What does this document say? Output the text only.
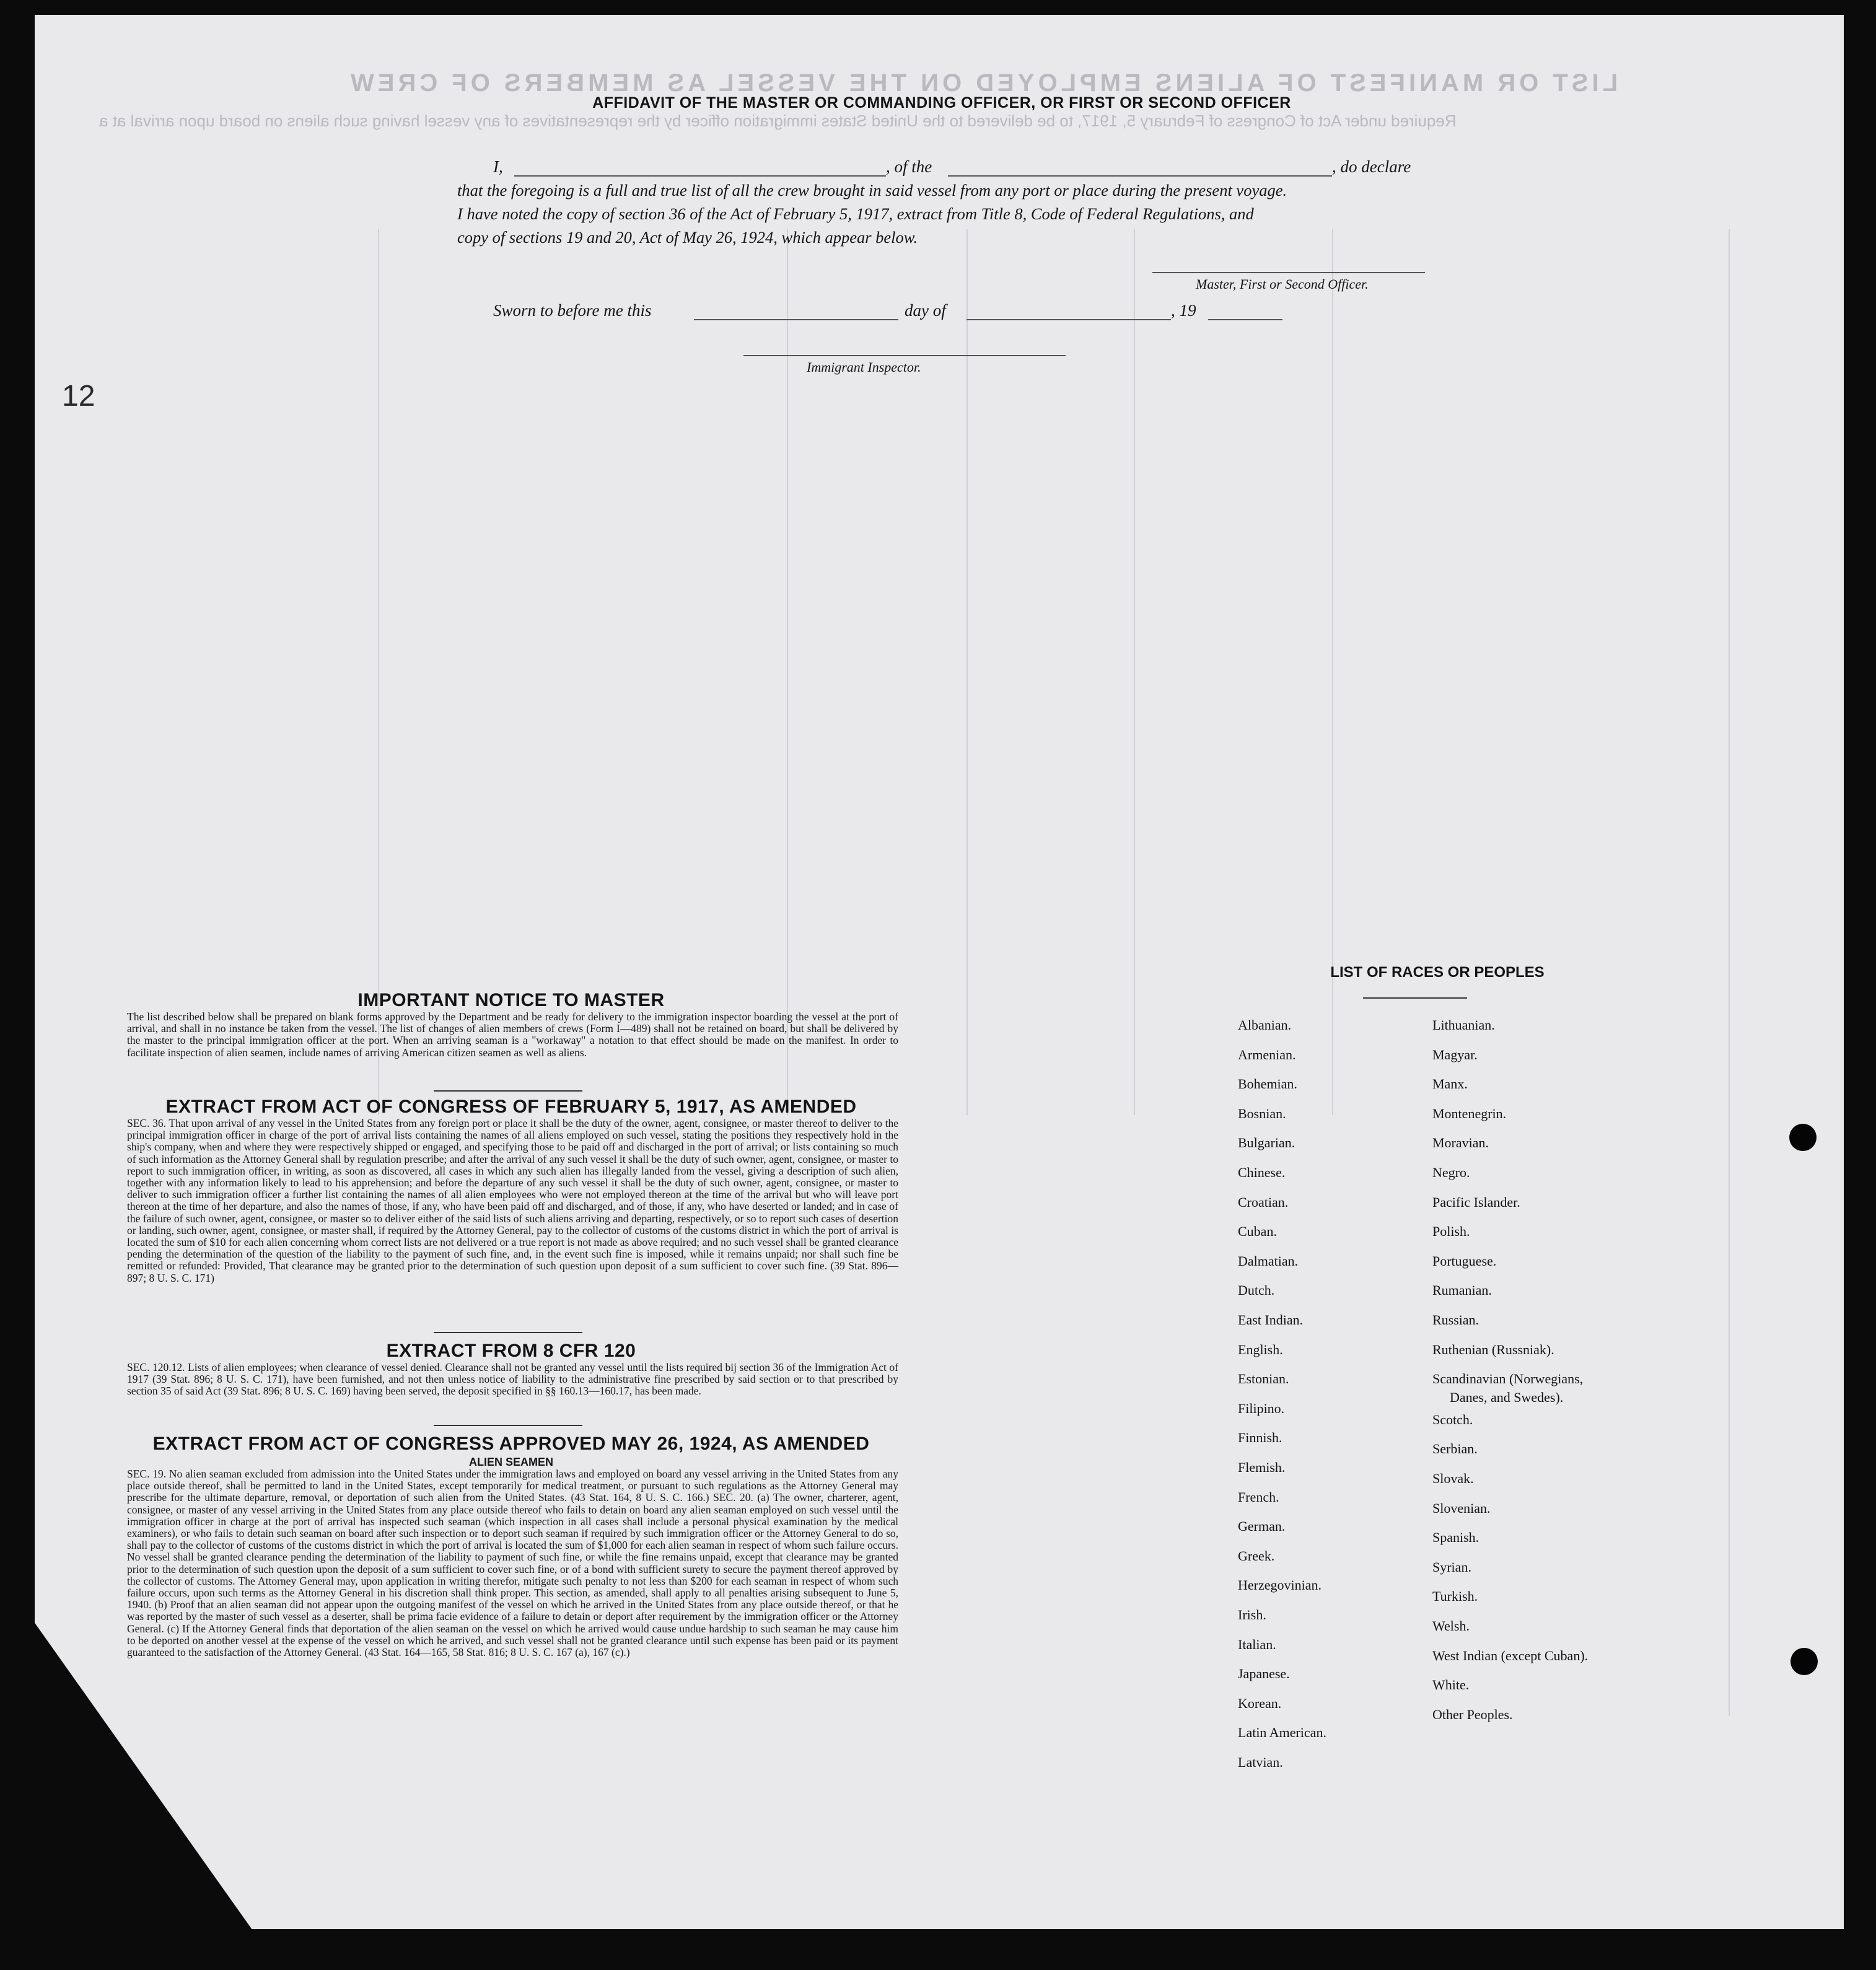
LIST OR MANIFEST OF ALIENS EMPLOYED ON THE VESSEL AS MEMBERS OF CREW
Required under Act of Congress of February 5, 1917, to be delivered to the United States immigration officer by the representatives of any vessel having such aliens on board upon arrival at a
12
AFFIDAVIT OF THE MASTER OR COMMANDING OFFICER, OR FIRST OR SECOND OFFICER
I,	, of the	, do declare
that the foregoing is a full and true list of all the crew brought in said vessel from any port or place during the present voyage.
I have noted the copy of section 36 of the Act of February 5, 1917, extract from Title 8, Code of Federal Regulations, and
copy of sections 19 and 20, Act of May 26, 1924, which appear below.
Master, First or Second Officer.
Sworn to before me this	day of	, 19
Immigrant Inspector.
IMPORTANT NOTICE TO MASTER
The list described below shall be prepared on blank forms approved by the Department and be ready for delivery to the immigration inspector boarding the vessel at the port of arrival, and shall in no instance be taken from the vessel. The list of changes of alien members of crews (Form I—489) shall not be retained on board, but shall be delivered by the master to the principal immigration officer at the port. When an arriving seaman is a "workaway" a notation to that effect should be made on the manifest. In order to facilitate inspection of alien seamen, include names of arriving American citizen seamen as well as aliens.
EXTRACT FROM ACT OF CONGRESS OF FEBRUARY 5, 1917, AS AMENDED
SEC. 36. That upon arrival of any vessel in the United States from any foreign port or place it shall be the duty of the owner, agent, consignee, or master thereof to deliver to the principal immigration officer in charge of the port of arrival lists containing the names of all aliens employed on such vessel, stating the positions they respectively hold in the ship's company, when and where they were respectively shipped or engaged, and specifying those to be paid off and discharged in the port of arrival; or lists containing so much of such information as the Attorney General shall by regulation prescribe; and after the arrival of any such vessel it shall be the duty of such owner, agent, consignee, or master to report to such immigration officer, in writing, as soon as discovered, all cases in which any such alien has illegally landed from the vessel, giving a description of such alien, together with any information likely to lead to his apprehension; and before the departure of any such vessel it shall be the duty of such owner, agent, consignee, or master to deliver to such immigration officer a further list containing the names of all alien employees who were not employed thereon at the time of the arrival but who will leave port thereon at the time of her departure, and also the names of those, if any, who have been paid off and discharged, and of those, if any, who have deserted or landed; and in case of the failure of such owner, agent, consignee, or master so to deliver either of the said lists of such aliens arriving and departing, respectively, or so to report such cases of desertion or landing, such owner, agent, consignee, or master shall, if required by the Attorney General, pay to the collector of customs of the customs district in which the port of arrival is located the sum of $10 for each alien concerning whom correct lists are not delivered or a true report is not made as above required; and no such vessel shall be granted clearance pending the determination of the question of the liability to the payment of such fine, and, in the event such fine is imposed, while it remains unpaid; nor shall such fine be remitted or refunded: Provided, That clearance may be granted prior to the determination of such question upon deposit of a sum sufficient to cover such fine. (39 Stat. 896—897; 8 U. S. C. 171)
EXTRACT FROM 8 CFR 120
SEC. 120.12. Lists of alien employees; when clearance of vessel denied. Clearance shall not be granted any vessel until the lists required bij section 36 of the Immigration Act of 1917 (39 Stat. 896; 8 U. S. C. 171), have been furnished, and not then unless notice of liability to the administrative fine prescribed by said section or to that prescribed by section 35 of said Act (39 Stat. 896; 8 U. S. C. 169) having been served, the deposit specified in §§ 160.13—160.17, has been made.
EXTRACT FROM ACT OF CONGRESS APPROVED MAY 26, 1924, AS AMENDED
ALIEN SEAMEN
SEC. 19. No alien seaman excluded from admission into the United States under the immigration laws and employed on board any vessel arriving in the United States from any place outside thereof, shall be permitted to land in the United States, except temporarily for medical treatment, or pursuant to such regulations as the Attorney General may prescribe for the ultimate departure, removal, or deportation of such alien from the United States. (43 Stat. 164, 8 U. S. C. 166.) SEC. 20. (a) The owner, charterer, agent, consignee, or master of any vessel arriving in the United States from any place outside thereof who fails to detain on board any alien seaman employed on such vessel until the immigration officer in charge at the port of arrival has inspected such seaman (which inspection in all cases shall include a personal physical examination by the medical examiners), or who fails to detain such seaman on board after such inspection or to deport such seaman if required by such immigration officer or the Attorney General to do so, shall pay to the collector of customs of the customs district in which the port of arrival is located the sum of $1,000 for each alien seaman in respect of whom such failure occurs. No vessel shall be granted clearance pending the determination of the liability to payment of such fine, or while the fine remains unpaid, except that clearance may be granted prior to the determination of such question upon the deposit of a sum sufficient to cover such fine, or of a bond with sufficient surety to secure the payment thereof approved by the collector of customs. The Attorney General may, upon application in writing therefor, mitigate such penalty to not less than $200 for each seaman in respect of whom such failure occurs, upon such terms as the Attorney General in his discretion shall think proper. This section, as amended, shall apply to all penalties arising subsequent to June 5, 1940. (b) Proof that an alien seaman did not appear upon the outgoing manifest of the vessel on which he arrived in the United States from any place outside thereof, or that he was reported by the master of such vessel as a deserter, shall be prima facie evidence of a failure to detain or deport after requirement by the immigration officer or the Attorney General. (c) If the Attorney General finds that deportation of the alien seaman on the vessel on which he arrived would cause undue hardship to such seaman he may cause him to be deported on another vessel at the expense of the vessel on which he arrived, and such vessel shall not be granted clearance until such expense has been paid or its payment guaranteed to the satisfaction of the Attorney General. (43 Stat. 164—165, 58 Stat. 816; 8 U. S. C. 167 (a), 167 (c).)
LIST OF RACES OR PEOPLES
Albanian.
Armenian.
Bohemian.
Bosnian.
Bulgarian.
Chinese.
Croatian.
Cuban.
Dalmatian.
Dutch.
East Indian.
English.
Estonian.
Filipino.
Finnish.
Flemish.
French.
German.
Greek.
Herzegovinian.
Irish.
Italian.
Japanese.
Korean.
Latin American.
Latvian.
Lithuanian.
Magyar.
Manx.
Montenegrin.
Moravian.
Negro.
Pacific Islander.
Polish.
Portuguese.
Rumanian.
Russian.
Ruthenian (Russniak).
Scandinavian (Norwegians,
Danes, and Swedes).
Scotch.
Serbian.
Slovak.
Slovenian.
Spanish.
Syrian.
Turkish.
Welsh.
West Indian (except Cuban).
White.
Other Peoples.
